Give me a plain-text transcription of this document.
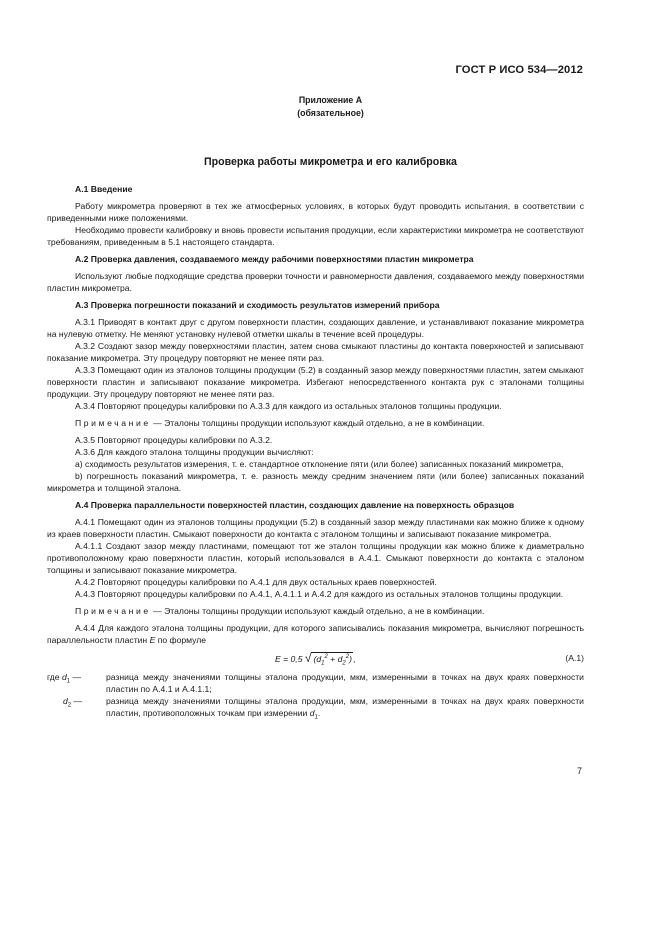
ГОСТ Р ИСО 534—2012
Приложение А
(обязательное)
Проверка работы микрометра и его калибровка

А.1 Введение

Работу микрометра проверяют в тех же атмосферных условиях, в которых будут проводить испытания, в соответствии с приведенными ниже положениями.

Необходимо провести калибровку и вновь провести испытания продукции, если характеристики микрометра не соответствуют требованиям, приведенным в 5.1 настоящего стандарта.

А.2 Проверка давления, создаваемого между рабочими поверхностями пластин микрометра

Используют любые подходящие средства проверки точности и равномерности давления, создаваемого между поверхностями пластин микрометра.

А.3 Проверка погрешности показаний и сходимость результатов измерений прибора

А.3.1 Приводят в контакт друг с другом поверхности пластин, создающих давление, и устанавливают показание микрометра на нулевую отметку. Не меняют установку нулевой отметки шкалы в течение всей процедуры.

А.3.2 Создают зазор между поверхностями пластин, затем снова смыкают пластины до контакта поверхностей и записывают показание микрометра. Эту процедуру повторяют не менее пяти раз.

А.3.3 Помещают один из эталонов толщины продукции (5.2) в созданный зазор между поверхностями пластин, затем смыкают поверхности пластин и записывают показание микрометра. Избегают непосредственного контакта рук с эталонами толщины продукции. Эту процедуру повторяют не менее пяти раз.

А.3.4 Повторяют процедуры калибровки по А.3.3 для каждого из остальных эталонов толщины продукции.

Примечание — Эталоны толщины продукции используют каждый отдельно, а не в комбинации.

А.3.5 Повторяют процедуры калибровки по А.3.2.

А.3.6 Для каждого эталона толщины продукции вычисляют:

а) сходимость результатов измерения, т. е. стандартное отклонение пяти (или более) записанных показаний микрометра,

b) погрешность показаний микрометра, т. е. разность между средним значением пяти (или более) записанных показаний микрометра и толщиной эталона.

А.4 Проверка параллельности поверхностей пластин, создающих давление на поверхность образцов

А.4.1 Помещают один из эталонов толщины продукции (5.2) в созданный зазор между пластинами как можно ближе к одному из краев поверхности пластин. Смыкают поверхности до контакта с эталоном толщины и записывают показание микрометра.

А.4.1.1 Создают зазор между пластинами, помещают тот же эталон толщины продукции как можно ближе к диаметрально противоположному краю поверхности пластин, который использовался в А.4.1. Смыкают поверхности до контакта с эталоном толщины и записывают показание микрометра.

А.4.2 Повторяют процедуры калибровки по А.4.1 для двух остальных краев поверхностей.

А.4.3 Повторяют процедуры калибровки по А.4.1, А.4.1.1 и А.4.2 для каждого из остальных эталонов толщины продукции.

Примечание — Эталоны толщины продукции используют каждый отдельно, а не в комбинации.

А.4.4 Для каждого эталона толщины продукции, для которого записывались показания микрометра, вычисляют погрешность параллельности пластин E по формуле

E = 0,5 √ $(d_1^2 + d_2^2)$,	(А.1)

где $d_1$ —	разница между значениями толщины эталона продукции, мкм, измеренными в точках на двух краях поверхности пластин по А.4.1 и А.4.1.1;

$d_2$ —	разница между значениями толщины эталона продукции, мкм, измеренными в точках на двух краях поверхности пластин, противоположных точкам при измерении $d_1$.

7
